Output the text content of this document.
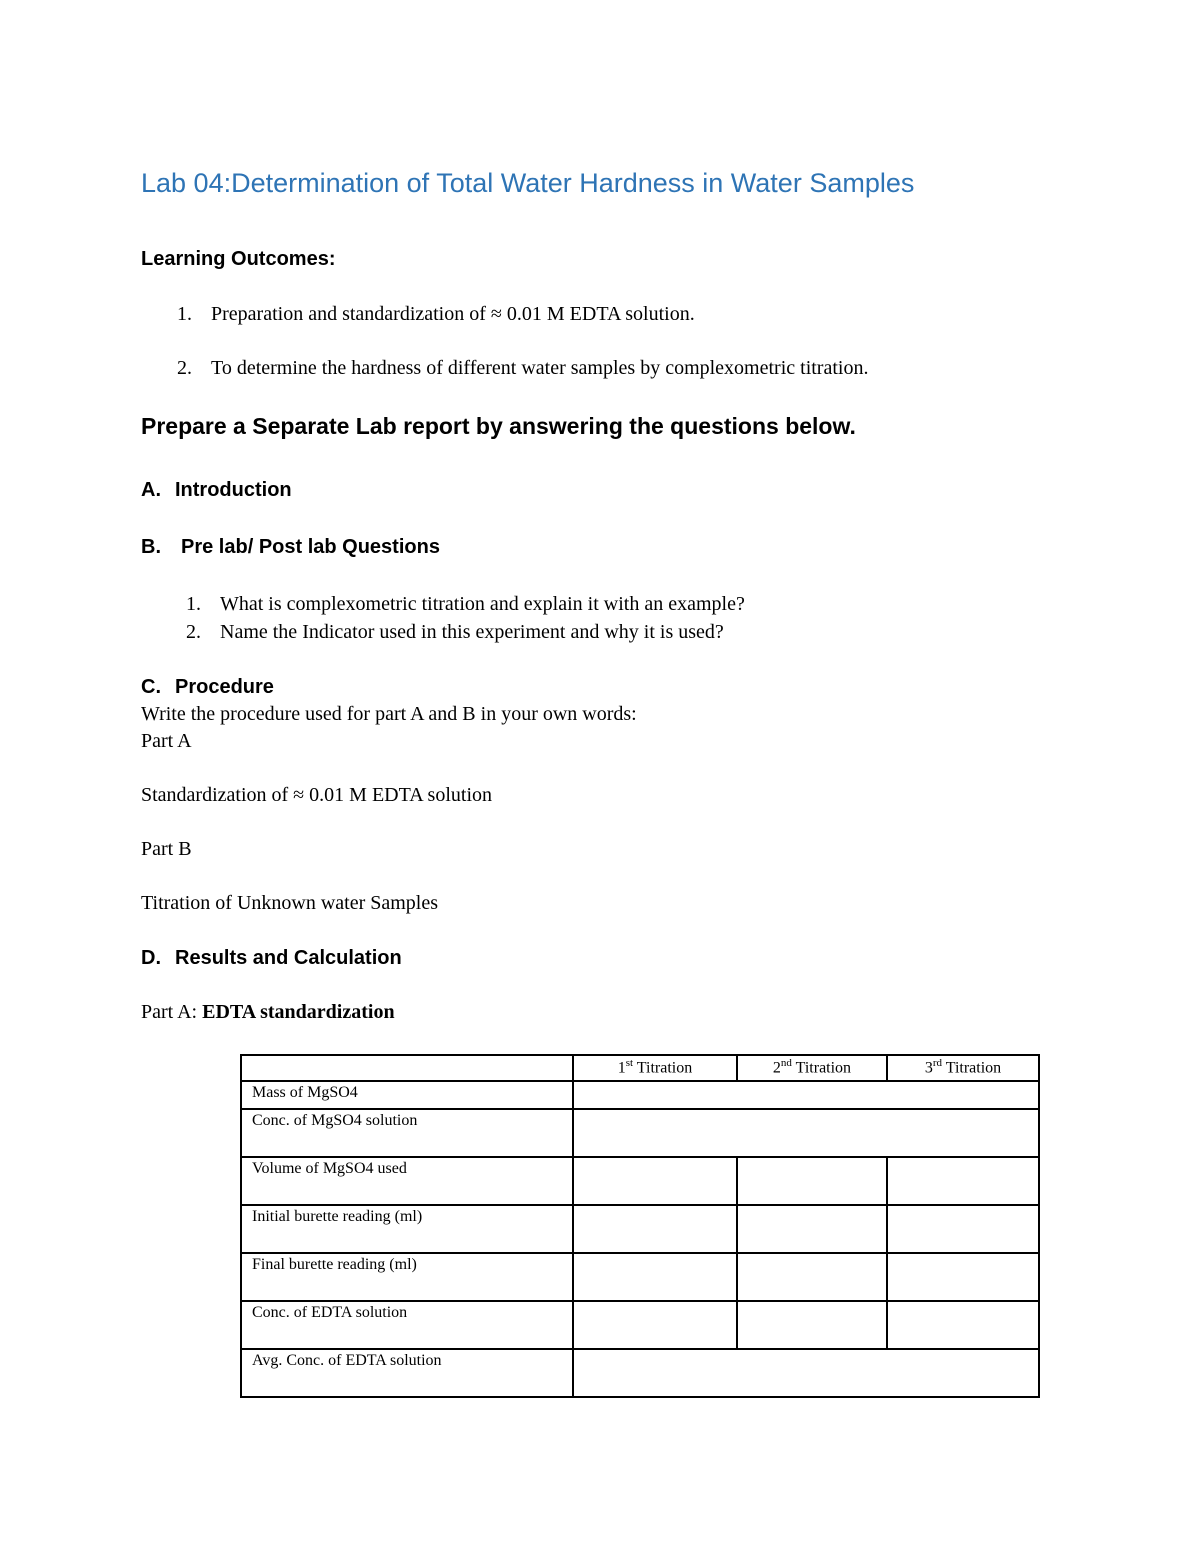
Lab 04:Determination of Total Water Hardness in Water Samples
Learning Outcomes:
1. Preparation and standardization of ≈ 0.01 M EDTA solution.
2. To determine the hardness of different water samples by complexometric titration.
Prepare a Separate Lab report by answering the questions below.
A. Introduction
B. Pre lab/ Post lab Questions
1. What is complexometric titration and explain it with an example?
2. Name the Indicator used in this experiment and why it is used?
C. Procedure
Write the procedure used for part A and B in your own words:
Part A
Standardization of ≈ 0.01 M EDTA solution
Part B
Titration of Unknown water Samples
D. Results and Calculation
Part A: EDTA standardization
	1st Titration	2nd Titration	3rd Titration
Mass of MgSO4			
Conc. of MgSO4 solution			
Volume of MgSO4 used			
Initial burette reading (ml)			
Final burette reading (ml)			
Conc. of EDTA solution			
Avg. Conc. of EDTA solution			
